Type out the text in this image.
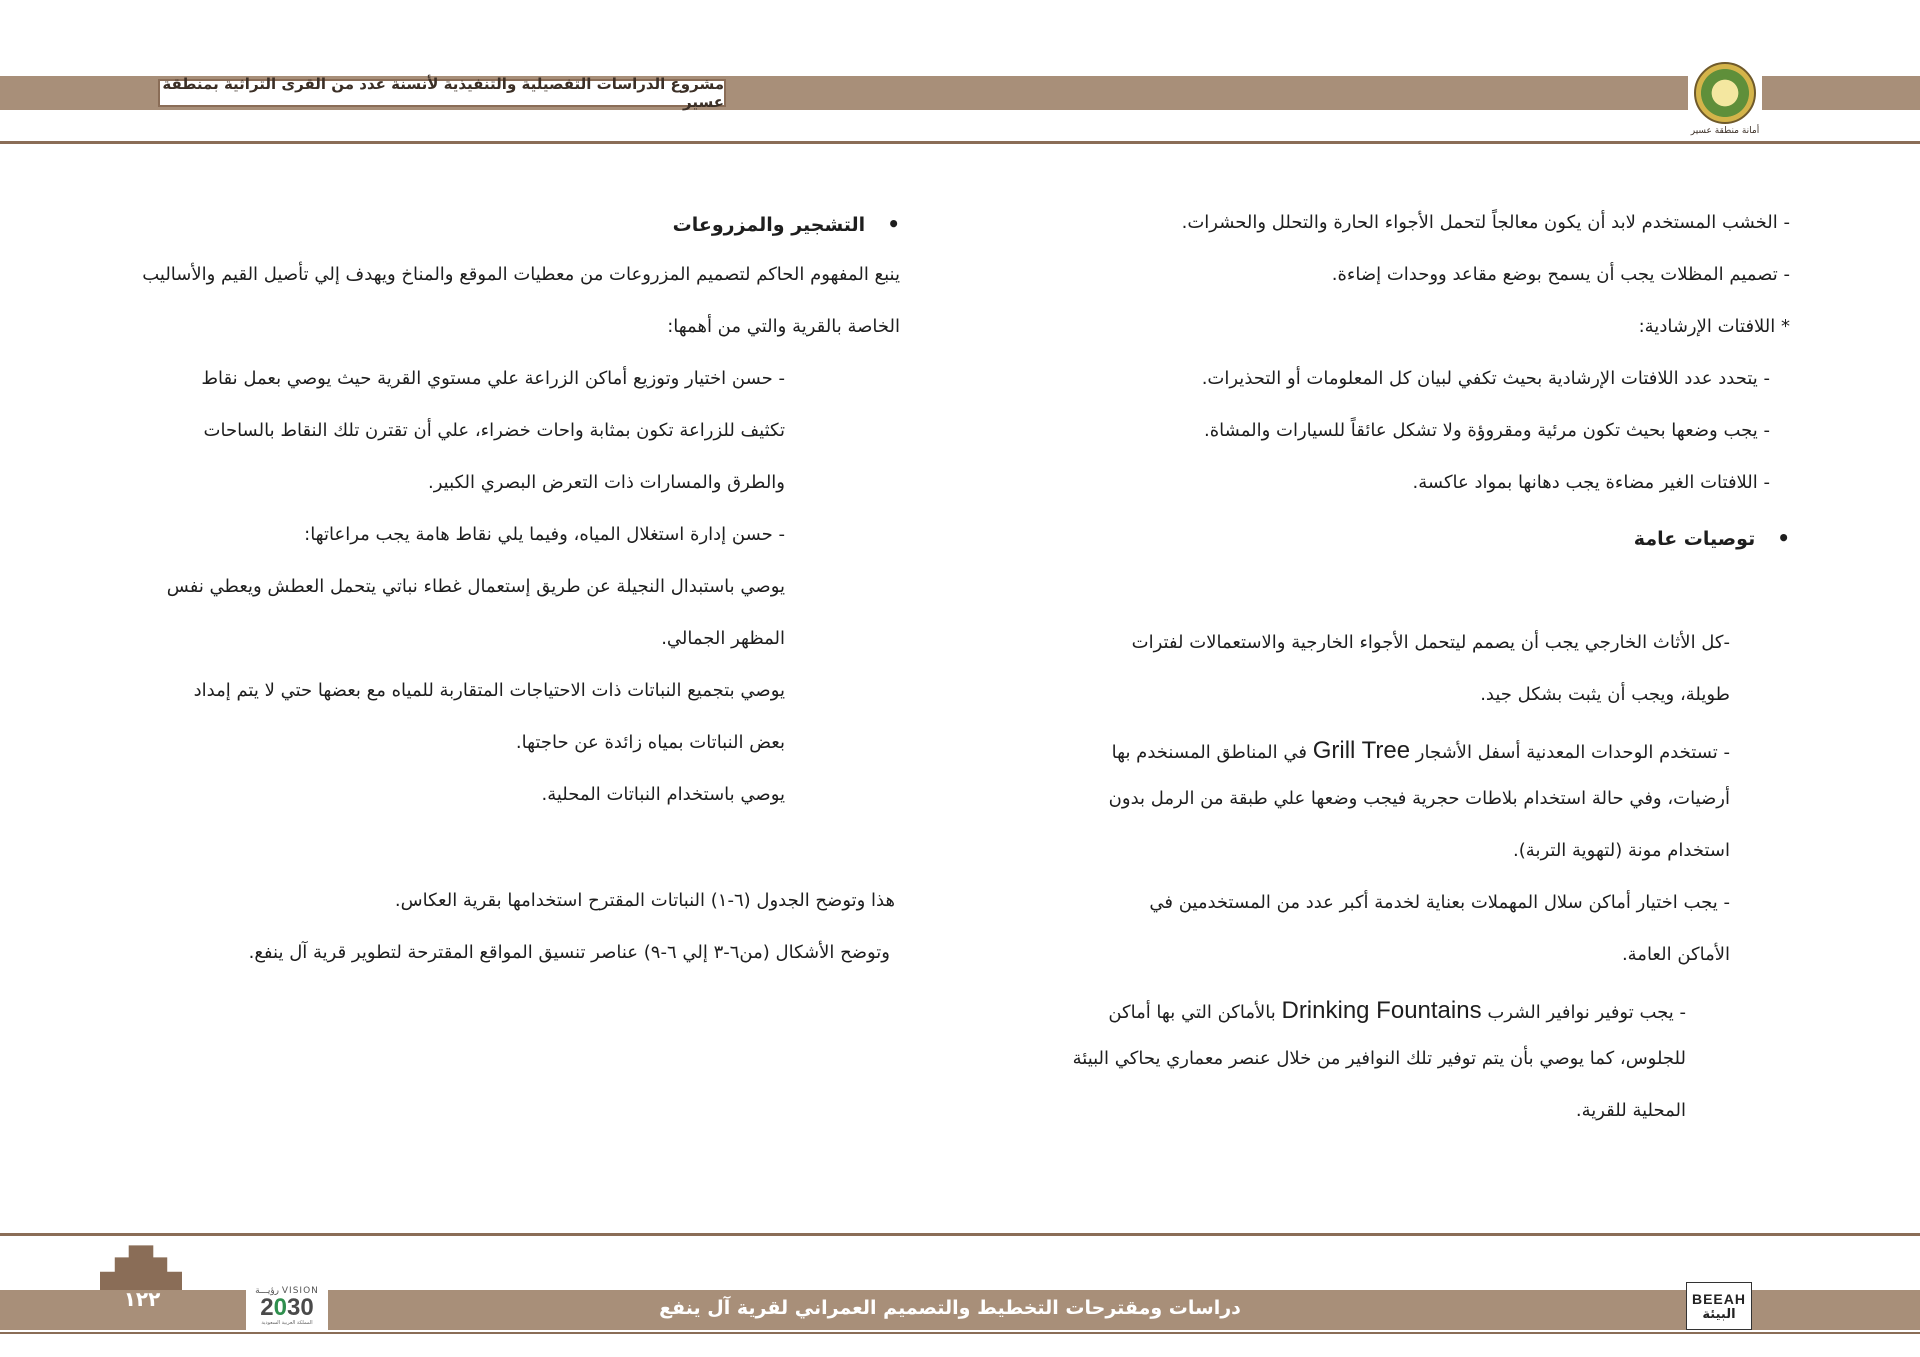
مشروع الدراسات التفصيلية والتنفيذية لأنسنة عدد من القرى التراثية بمنطقة عسير
أمانة منطقة عسير

- الخشب المستخدم لابد أن يكون معالجاً لتحمل الأجواء الحارة والتحلل والحشرات.

- تصميم المظلات يجب أن يسمح بوضع مقاعد ووحدات إضاءة.

* اللافتات الإرشادية:

- يتحدد عدد اللافتات الإرشادية بحيث تكفي لبيان كل المعلومات أو التحذيرات.

- يجب وضعها بحيث تكون مرئية ومقروؤة ولا تشكل عائقاً للسيارات والمشاة.

- اللافتات الغير مضاءة يجب دهانها بمواد عاكسة.

• توصيات عامة

-كل الأثاث الخارجي يجب أن يصمم ليتحمل الأجواء الخارجية والاستعمالات لفترات

طويلة، ويجب أن يثبت بشكل جيد.

- تستخدم الوحدات المعدنية أسفل الأشجار Grill Tree في المناطق المسنخدم بها

أرضيات، وفي حالة استخدام بلاطات حجرية فيجب وضعها علي طبقة من الرمل بدون

استخدام مونة (لتهوية التربة).

- يجب اختيار أماكن سلال المهملات بعناية لخدمة أكبر عدد من المستخدمين في

الأماكن العامة.

- يجب توفير نوافير الشرب Drinking Fountains بالأماكن التي بها أماكن

للجلوس، كما يوصي بأن يتم توفير تلك النوافير من خلال عنصر معماري يحاكي البيئة

المحلية للقرية.

• التشجير والمزروعات

ينبع المفهوم الحاكم لتصميم المزروعات من معطيات الموقع والمناخ ويهدف إلي تأصيل القيم والأساليب

الخاصة بالقرية والتي من أهمها:

- حسن اختيار وتوزيع أماكن الزراعة علي مستوي القرية حيث يوصي بعمل نقاط

تكثيف للزراعة تكون بمثابة واحات خضراء، علي أن تقترن تلك النقاط بالساحات

والطرق والمسارات ذات التعرض البصري الكبير.

- حسن إدارة استغلال المياه، وفيما يلي نقاط هامة يجب مراعاتها:

يوصي باستبدال النجيلة عن طريق إستعمال غطاء نباتي يتحمل العطش ويعطي نفس

المظهر الجمالي.

يوصي بتجميع النباتات ذات الاحتياجات المتقاربة للمياه مع بعضها حتي لا يتم إمداد

بعض النباتات بمياه زائدة عن حاجتها.

يوصي باستخدام النباتات المحلية.

هذا وتوضح الجدول (٦-١) النباتات المقترح استخدامها بقرية العكاس.

وتوضح الأشكال (من٦-٣ إلي ٦-٩) عناصر تنسيق المواقع المقترحة لتطوير قرية آل ينفع.

١٢٢	دراسات ومقترحات التخطيط والتصميم العمراني لقرية آل ينفع
رؤيـــة VISION
2030
المملكة العربية السعودية
BEEAH
البيئة
